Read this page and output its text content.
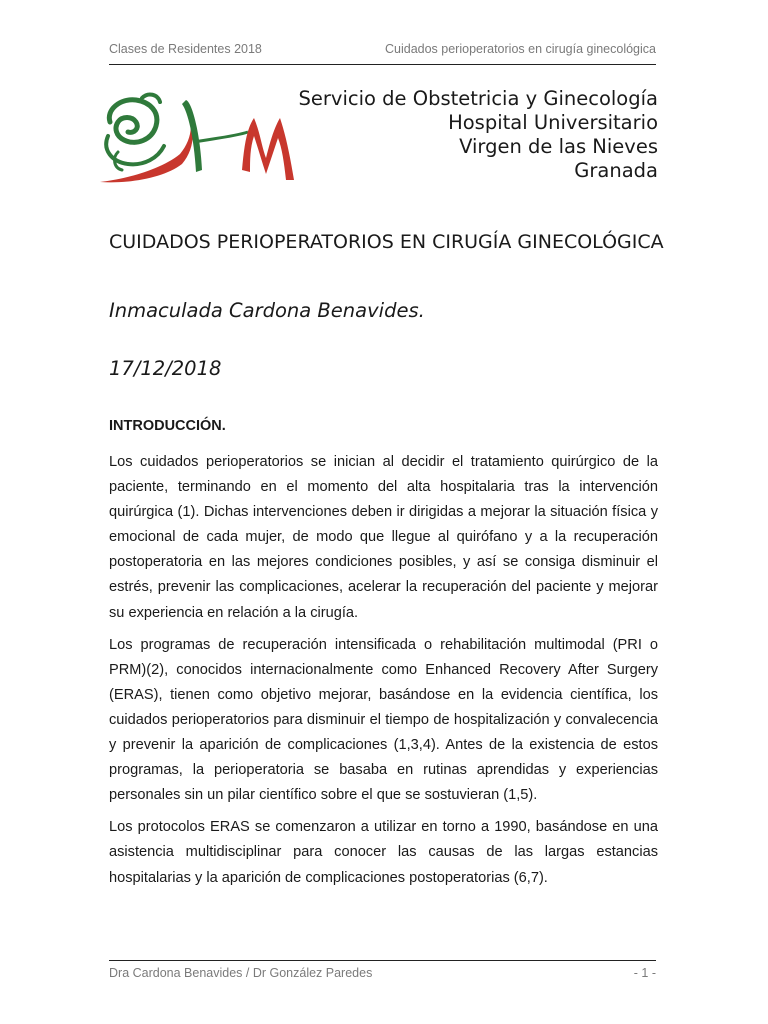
Clases de Residentes 2018	Cuidados perioperatorios en cirugía ginecológica
Servicio de Obstetricia y Ginecología
Hospital Universitario
Virgen de las Nieves
Granada
CUIDADOS PERIOPERATORIOS EN CIRUGÍA GINECOLÓGICA
Inmaculada Cardona Benavides.
17/12/2018
INTRODUCCIÓN.

Los cuidados perioperatorios se inician al decidir el tratamiento quirúrgico de la paciente, terminando en el momento del alta hospitalaria tras la intervención quirúrgica (1). Dichas intervenciones deben ir dirigidas a mejorar la situación física y emocional de cada mujer, de modo que llegue al quirófano y a la recuperación postoperatoria en las mejores condiciones posibles, y así se consiga disminuir el estrés, prevenir las complicaciones, acelerar la recuperación del paciente y mejorar su experiencia en relación a la cirugía.

Los programas de recuperación intensificada o rehabilitación multimodal (PRI o PRM)(2), conocidos internacionalmente como Enhanced Recovery After Surgery (ERAS), tienen como objetivo mejorar, basándose en la evidencia científica, los cuidados perioperatorios para disminuir el tiempo de hospitalización y convalecencia y prevenir la aparición de complicaciones (1,3,4). Antes de la existencia de estos programas, la perioperatoria se basaba en rutinas aprendidas y experiencias personales sin un pilar científico sobre el que se sostuvieran (1,5).

Los protocolos ERAS se comenzaron a utilizar en torno a 1990, basándose en una asistencia multidisciplinar para conocer las causas de las largas estancias hospitalarias y la aparición de complicaciones postoperatorias (6,7).

Dra Cardona Benavides / Dr González Paredes	- 1 -
